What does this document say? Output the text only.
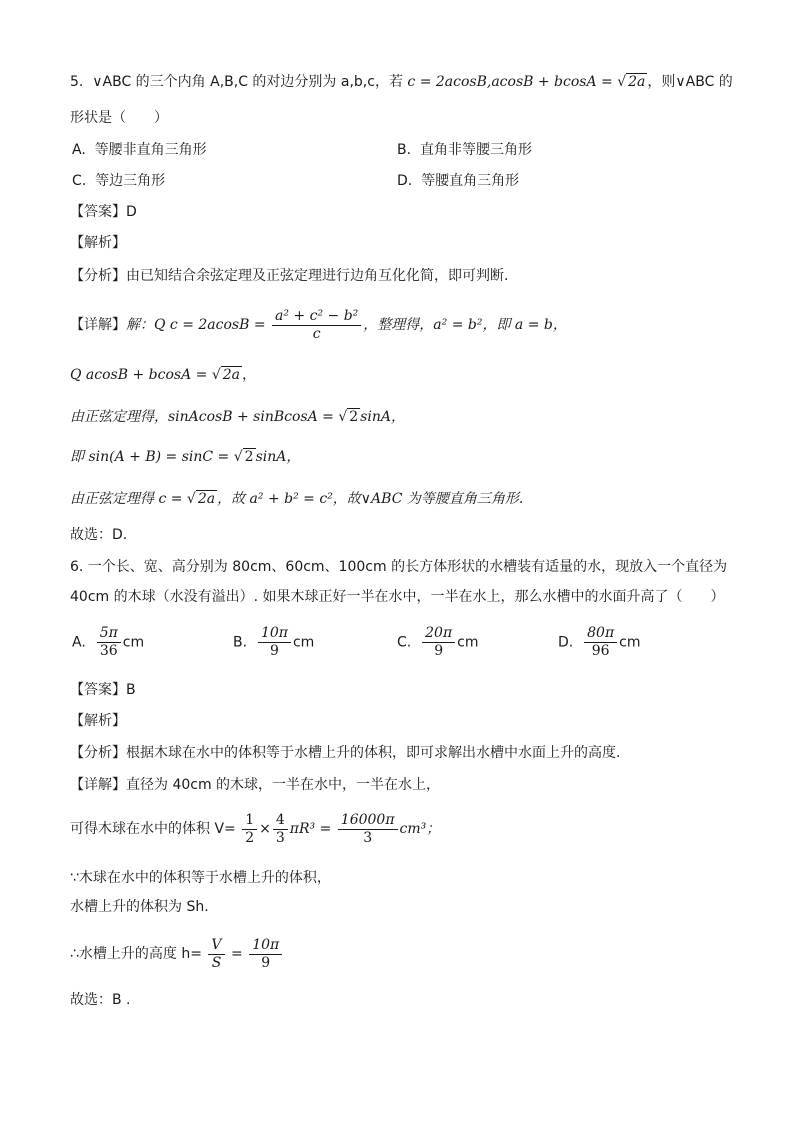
5. ∨ABC 的三个内角 A,B,C 的对边分别为 a,b,c，若 c = 2acosB,acosB + bcosA = √ 2a ，则∨ABC 的
形状是（　　）
A. 等腰非直角三角形	B. 直角非等腰三角形
C. 等边三角形	D. 等腰直角三角形
【答案】D
【解析】
【分析】由已知结合余弦定理及正弦定理进行边角互化化简，即可判断.
【详解】解：Q $c = 2acosB = \frac{\text{a² + c² − b²}}{c}$ ，整理得，a² = b²，即 a = b，
Q acosB + bcosA = √ 2a ，
由正弦定理得，sinAcosB + sinBcosA = √ 2 sinA，
即 sin(A + B) = sinC = √ 2 sinA，
由正弦定理得 c = √ 2a ，故 a² + b² = c²，故∨ABC 为等腰直角三角形.
故选：D.
6. 一个长、宽、高分别为 80cm、60cm、100cm 的长方体形状的水槽装有适量的水，现放入一个直径为
40cm 的木球（水没有溢出）. 如果木球正好一半在水中，一半在水上，那么水槽中的水面升高了（　　）
A. $\frac{5\pi}{36}$ cm	B. $\frac{10\pi}{9}$ cm	C. $\frac{20\pi}{9}$ cm	D. $\frac{80\pi}{96}$ cm
【答案】B
【解析】
【分析】根据木球在水中的体积等于水槽上升的体积，即可求解出水槽中水面上升的高度.
【详解】直径为 40cm 的木球，一半在水中，一半在水上，
可得木球在水中的体积 $V= \frac{1}{2} \times \frac{4}{3} \pi R^3 = \frac{16000\pi}{3} cm^3$；
∵木球在水中的体积等于水槽上升的体积，
水槽上升的体积为 Sh.
∴水槽上升的高度 $h= \frac{V}{S} = \frac{10\pi}{9}$
故选：B .
